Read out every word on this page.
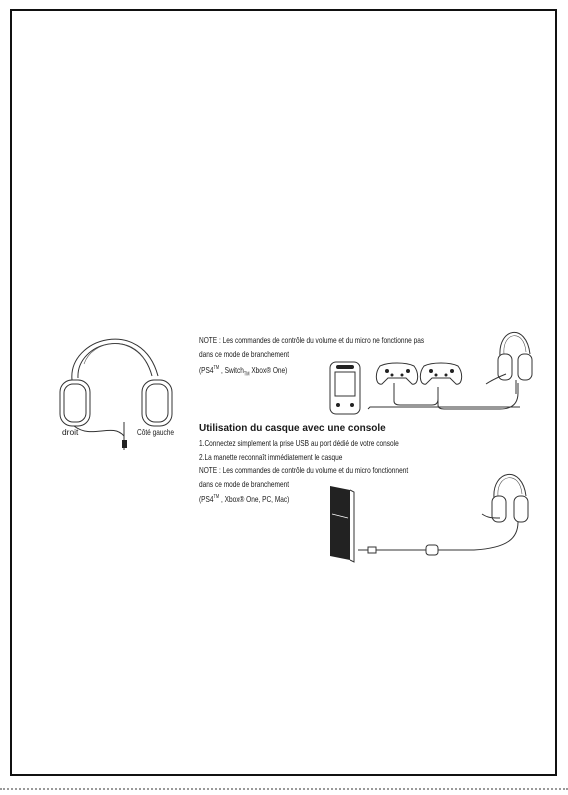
droit	Côté gauche
NOTE : Les commandes de contrôle du volume et du micro ne fonctionne pas
dans ce mode de branchement
(PS4™ , Switch$_{TM}$ Xbox® One)
Utilisation du casque avec une console
1.Connectez simplement la prise USB au port dédié de votre console
2.La manette reconnaît immédiatement le casque
NOTE : Les commandes de contrôle du volume et du micro fonctionnent
dans ce mode de branchement
(PS4™ , Xbox® One, PC, Mac)
